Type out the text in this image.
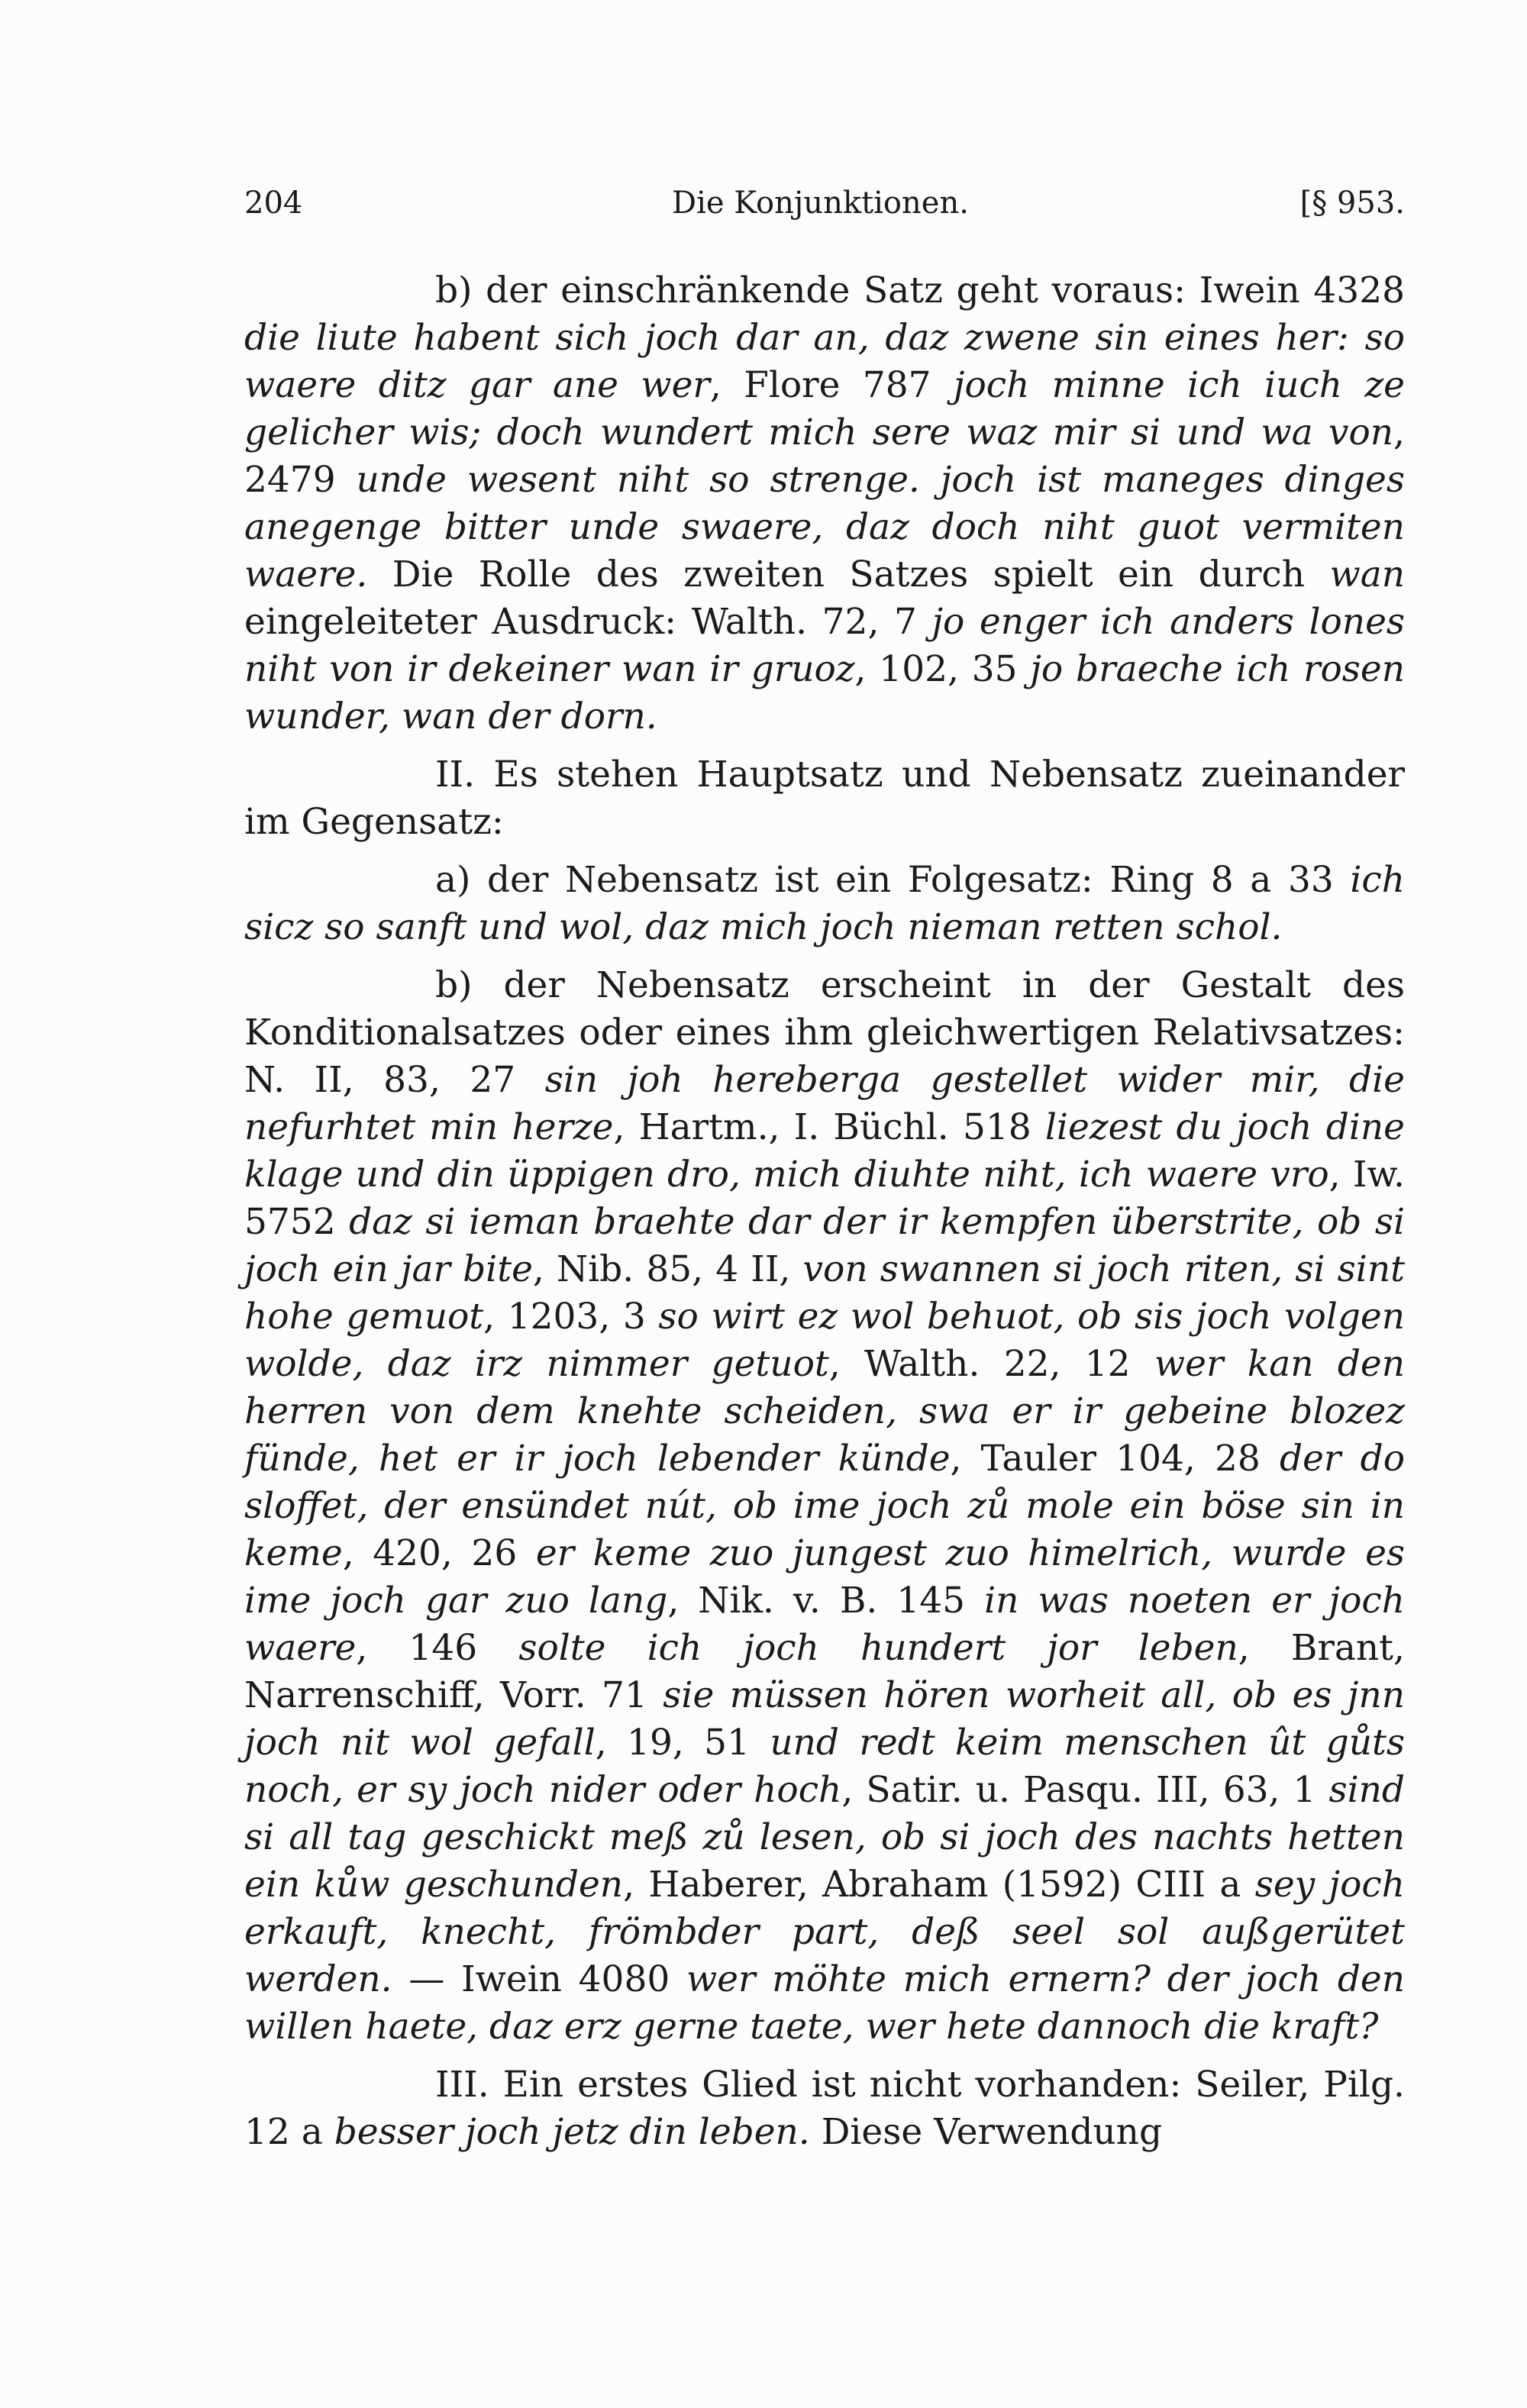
204	Die Konjunktionen.	[§ 953.

b) der einschränkende Satz geht voraus: Iwein 4328 die liute habent sich joch dar an, daz zwene sin eines her: so waere ditz gar ane wer, Flore 787 joch minne ich iuch ze gelicher wis; doch wundert mich sere waz mir si und wa von, 2479 unde wesent niht so strenge. joch ist maneges dinges anegenge bitter unde swaere, daz doch niht guot vermiten waere. Die Rolle des zweiten Satzes spielt ein durch wan eingeleiteter Ausdruck: Walth. 72, 7 jo enger ich anders lones niht von ir dekeiner wan ir gruoz, 102, 35 jo braeche ich rosen wunder, wan der dorn.

II. Es stehen Hauptsatz und Nebensatz zueinander im Gegensatz:

a) der Nebensatz ist ein Folgesatz: Ring 8 a 33 ich sicz so sanft und wol, daz mich joch nieman retten schol.

b) der Nebensatz erscheint in der Gestalt des Konditionalsatzes oder eines ihm gleichwertigen Relativsatzes: N. II, 83, 27 sin joh hereberga gestellet wider mir, die nefurhtet min herze, Hartm., I. Büchl. 518 liezest du joch dine klage und din üppigen dro, mich diuhte niht, ich waere vro, Iw. 5752 daz si ieman braehte dar der ir kempfen überstrite, ob si joch ein jar bite, Nib. 85, 4 II, von swannen si joch riten, si sint hohe gemuot, 1203, 3 so wirt ez wol behuot, ob sis joch volgen wolde, daz irz nimmer getuot, Walth. 22, 12 wer kan den herren von dem knehte scheiden, swa er ir gebeine blozez fünde, het er ir joch lebender künde, Tauler 104, 28 der do sloffet, der ensündet nút, ob ime joch zů mole ein böse sin in keme, 420, 26 er keme zuo jungest zuo himelrich, wurde es ime joch gar zuo lang, Nik. v. B. 145 in was noeten er joch waere, 146 solte ich joch hundert jor leben, Brant, Narrenschiff, Vorr. 71 sie müssen hören worheit all, ob es jnn joch nit wol gefall, 19, 51 und redt keim menschen ût gůts noch, er sy joch nider oder hoch, Satir. u. Pasqu. III, 63, 1 sind si all tag geschickt meß zů lesen, ob si joch des nachts hetten ein kůw geschunden, Haberer, Abraham (1592) CIII a sey joch erkauft, knecht, frömbder part, deß seel sol außgerütet werden. — Iwein 4080 wer möhte mich ernern? der joch den willen haete, daz erz gerne taete, wer hete dannoch die kraft?

III. Ein erstes Glied ist nicht vorhanden: Seiler, Pilg. 12 a besser joch jetz din leben. Diese Verwendung
